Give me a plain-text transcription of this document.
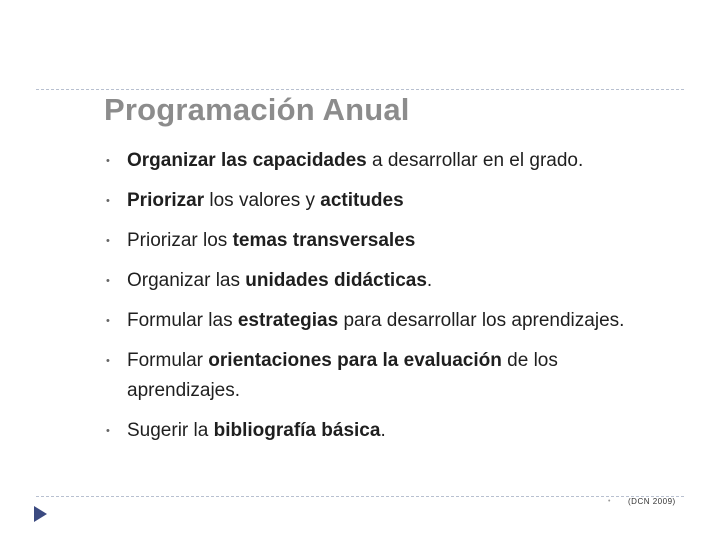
Programación Anual
• Organizar las capacidades a desarrollar en el grado.
• Priorizar los valores y actitudes
• Priorizar los temas transversales
• Organizar las unidades didácticas.
• Formular las estrategias para desarrollar los aprendizajes.
• Formular orientaciones para la evaluación de los aprendizajes.
• Sugerir la bibliografía básica.
• (DCN 2009)
